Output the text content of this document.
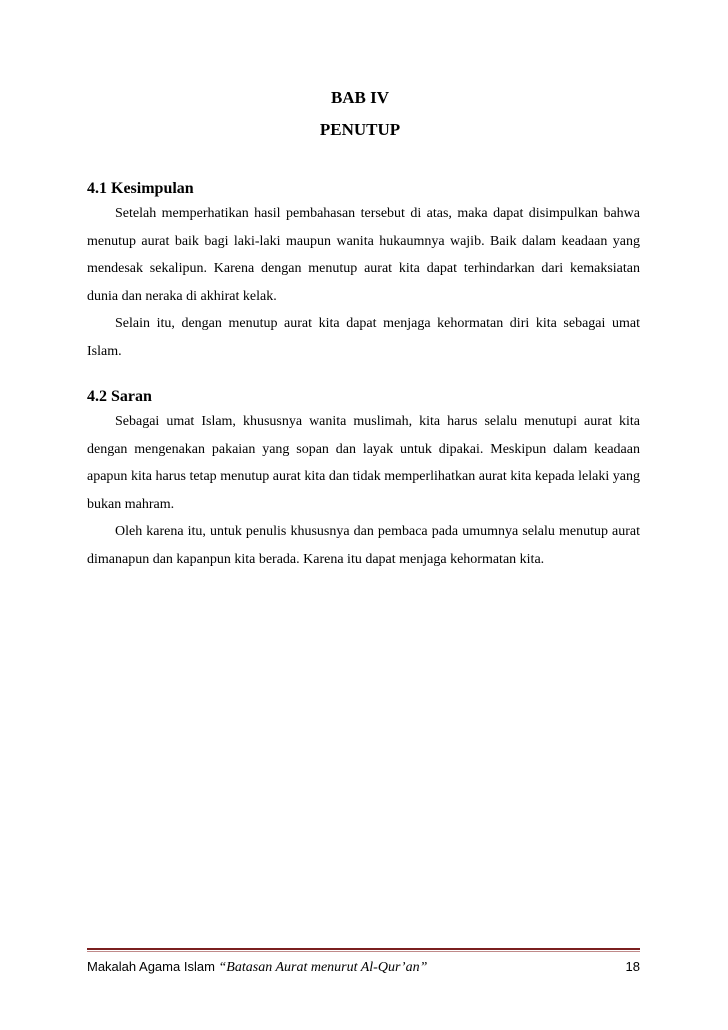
BAB IV
PENUTUP
4.1 Kesimpulan

Setelah memperhatikan hasil pembahasan tersebut di atas, maka dapat disimpulkan bahwa menutup aurat baik bagi laki-laki maupun wanita hukaumnya wajib. Baik dalam keadaan yang mendesak sekalipun. Karena dengan menutup aurat kita dapat terhindarkan dari kemaksiatan dunia dan neraka di akhirat kelak.

Selain itu, dengan menutup aurat kita dapat menjaga kehormatan diri kita sebagai umat Islam.

4.2 Saran

Sebagai umat Islam, khususnya wanita muslimah, kita harus selalu menutupi aurat kita dengan mengenakan pakaian yang sopan dan layak untuk dipakai. Meskipun dalam keadaan apapun kita harus tetap menutup aurat kita dan tidak memperlihatkan aurat kita kepada lelaki yang bukan mahram.

Oleh karena itu, untuk penulis khususnya dan pembaca pada umumnya selalu menutup aurat dimanapun dan kapanpun kita berada. Karena itu dapat menjaga kehormatan kita.

Makalah Agama Islam “Batasan Aurat menurut Al-Qur’an”	18
